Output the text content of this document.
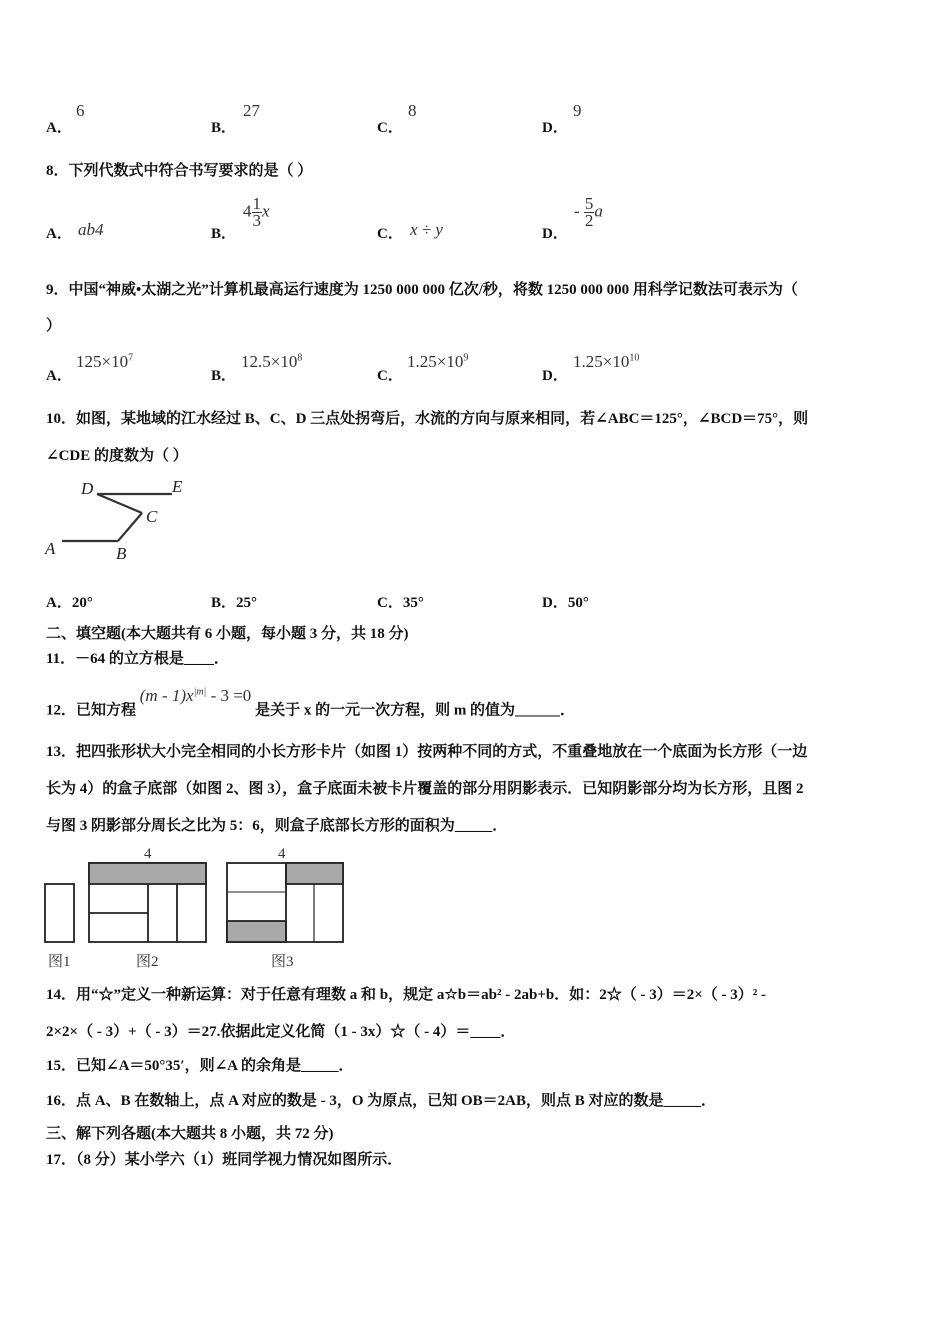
A．
6
B．
27
C．
8
D．
9
8．下列代数式中符合书写要求的是（ ）
A． ab4	B．
$4 \frac{1}{3}$ x
C． x ÷ y	D．
- $\frac{5}{2}$ a
9．中国“神威•太湖之光”计算机最高运行速度为 1250 000 000 亿次/秒，将数 1250 000 000 用科学记数法可表示为（
）
A．
$125\times 10^7$
B．
$12.5\times 10^8$
C．
$1.25\times 10^9$
D．
$1.25\times 10^{10}$
10．如图，某地域的江水经过 B、C、D 三点处拐弯后，水流的方向与原来相同，若∠ABC＝125°，∠BCD＝75°，则
∠CDE 的度数为（ ）
D	E
C
A	B
4	4
图1	图2	图3
A．20°	B．25°	C．35°	D．50°
二、填空题(本大题共有 6 小题，每小题 3 分，共 18 分)
11．－64 的立方根是____．
12．已知方程 $(m - 1)x^{|m|} - 3 =0$ 是关于 x 的一元一次方程，则 m 的值为______．
13．把四张形状大小完全相同的小长方形卡片（如图 1）按两种不同的方式，不重叠地放在一个底面为长方形（一边
长为 4）的盒子底部（如图 2、图 3），盒子底面未被卡片覆盖的部分用阴影表示．已知阴影部分均为长方形，且图 2
与图 3 阴影部分周长之比为 5：6，则盒子底部长方形的面积为_____．
14．用“☆”定义一种新运算：对于任意有理数 a 和 b，规定 a☆b＝ab² - 2ab+b．如：2☆（ - 3）＝2×（ - 3）² -
2×2×（ - 3）+（ - 3）＝27.依据此定义化简（1 - 3x）☆（ - 4）＝____．
15．已知∠A＝50°35′，则∠A 的余角是_____．
16．点 A、B 在数轴上，点 A 对应的数是 - 3，O 为原点，已知 OB＝2AB，则点 B 对应的数是_____．
三、解下列各题(本大题共 8 小题，共 72 分)
17．（8 分）某小学六（1）班同学视力情况如图所示．
